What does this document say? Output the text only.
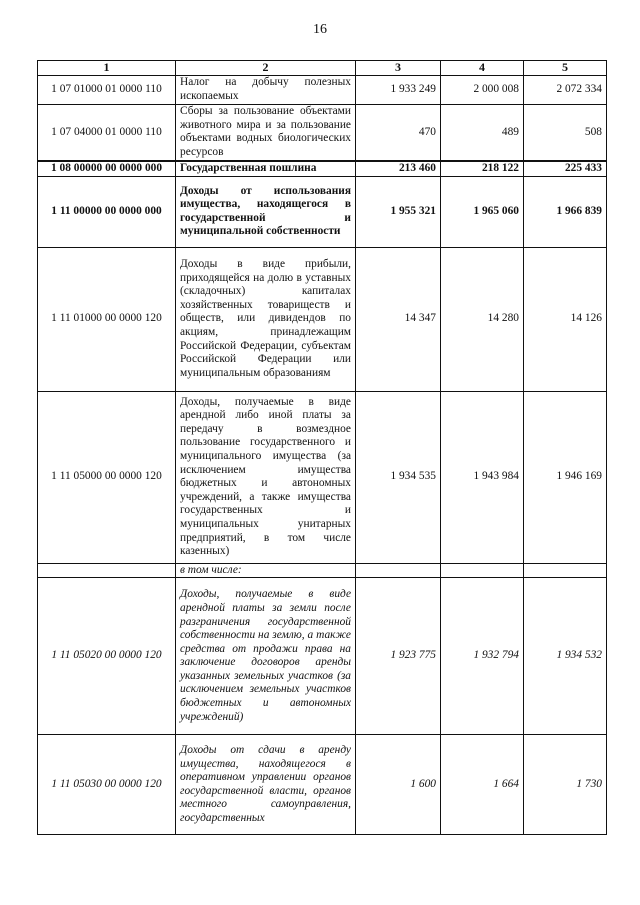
16
1	2	3	4	5
1 07 01000 01 0000 110	Налог на добычу полезных ископаемых	1 933 249	2 000 008	2 072 334
1 07 04000 01 0000 110	Сборы за пользование объектами животного мира и за пользование объектами водных биологических ресурсов	470	489	508
1 08 00000 00 0000 000	Государственная пошлина	213 460	218 122	225 433
1 11 00000 00 0000 000	Доходы от использования имущества, находящегося в государственной и муниципальной собственности	1 955 321	1 965 060	1 966 839
1 11 01000 00 0000 120	Доходы в виде прибыли, приходящейся на долю в уставных (складочных) капиталах хозяйственных товариществ и обществ, или дивидендов по акциям, принадлежащим Российской Федерации, субъектам Российской Федерации или муниципальным образованиям	14 347	14 280	14 126
1 11 05000 00 0000 120	Доходы, получаемые в виде арендной либо иной платы за передачу в возмездное пользование государственного и муниципального имущества (за исключением имущества бюджетных и автономных учреждений, а также имущества государственных и муниципальных унитарных предприятий, в том числе казенных)	1 934 535	1 943 984	1 946 169
	в том числе:			
1 11 05020 00 0000 120	Доходы, получаемые в виде арендной платы за земли после разграничения государственной собственности на землю, а также средства от продажи права на заключение договоров аренды указанных земельных участков (за исключением земельных участков бюджетных и автономных учреждений)	1 923 775	1 932 794	1 934 532
1 11 05030 00 0000 120	Доходы от сдачи в аренду имущества, находящегося в оперативном управлении органов государственной власти, органов местного самоуправления, государственных	1 600	1 664	1 730
